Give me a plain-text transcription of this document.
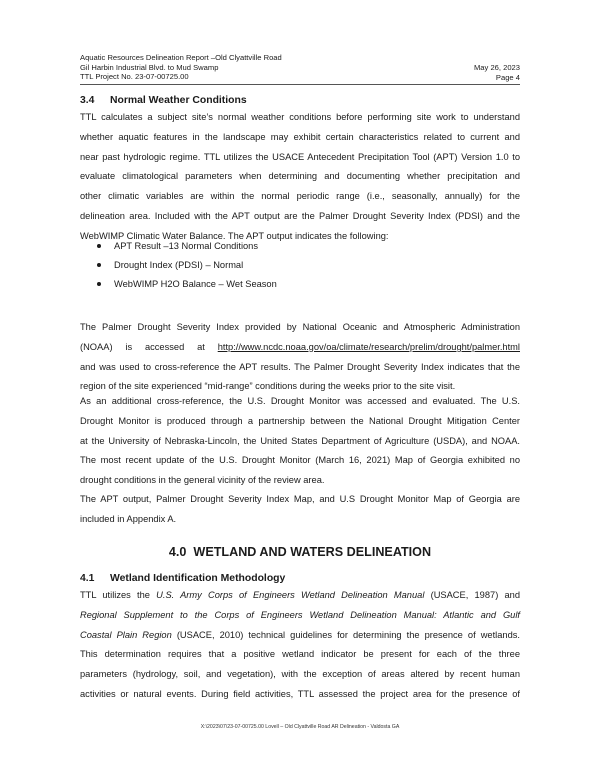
Aquatic Resources Delineation Report –Old Clyattville Road
Gil Harbin Industrial Blvd. to Mud Swamp
TTL Project No. 23-07-00725.00
May 26, 2023
Page 4
3.4 Normal Weather Conditions
TTL calculates a subject site’s normal weather conditions before performing site work to understand
whether aquatic features in the landscape may exhibit certain characteristics related to current and
near past hydrologic regime. TTL utilizes the USACE Antecedent Precipitation Tool (APT) Version 1.0 to
evaluate climatological parameters when determining and documenting whether precipitation and
other climatic variables are within the normal periodic range (i.e., seasonally, annually) for the
delineation area. Included with the APT output are the Palmer Drought Severity Index (PDSI) and the
WebWIMP Climatic Water Balance. The APT output indicates the following:
APT Result –13 Normal Conditions
Drought Index (PDSI) – Normal
WebWIMP H2O Balance – Wet Season
The Palmer Drought Severity Index provided by National Oceanic and Atmospheric Administration
(NOAA) is accessed at http://www.ncdc.noaa.gov/oa/climate/research/prelim/drought/palmer.html
and was used to cross-reference the APT results. The Palmer Drought Severity Index indicates that the
region of the site experienced “mid-range” conditions during the weeks prior to the site visit.
As an additional cross-reference, the U.S. Drought Monitor was accessed and evaluated. The U.S.
Drought Monitor is produced through a partnership between the National Drought Mitigation Center
at the University of Nebraska-Lincoln, the United States Department of Agriculture (USDA), and NOAA.
The most recent update of the U.S. Drought Monitor (March 16, 2021) Map of Georgia exhibited no
drought conditions in the general vicinity of the review area.
The APT output, Palmer Drought Severity Index Map, and U.S Drought Monitor Map of Georgia are
included in Appendix A.
4.0  WETLAND AND WATERS DELINEATION
4.1 Wetland Identification Methodology
TTL utilizes the U.S. Army Corps of Engineers Wetland Delineation Manual (USACE, 1987) and
Regional Supplement to the Corps of Engineers Wetland Delineation Manual: Atlantic and Gulf
Coastal Plain Region (USACE, 2010) technical guidelines for determining the presence of wetlands.
This determination requires that a positive wetland indicator be present for each of the three
parameters (hydrology, soil, and vegetation), with the exception of areas altered by recent human
activities or natural events. During field activities, TTL assessed the project area for the presence of
X:\2023\07\23-07-00725.00 Lovell – Old Clyattville Road AR Delineation - Valdosta GA
